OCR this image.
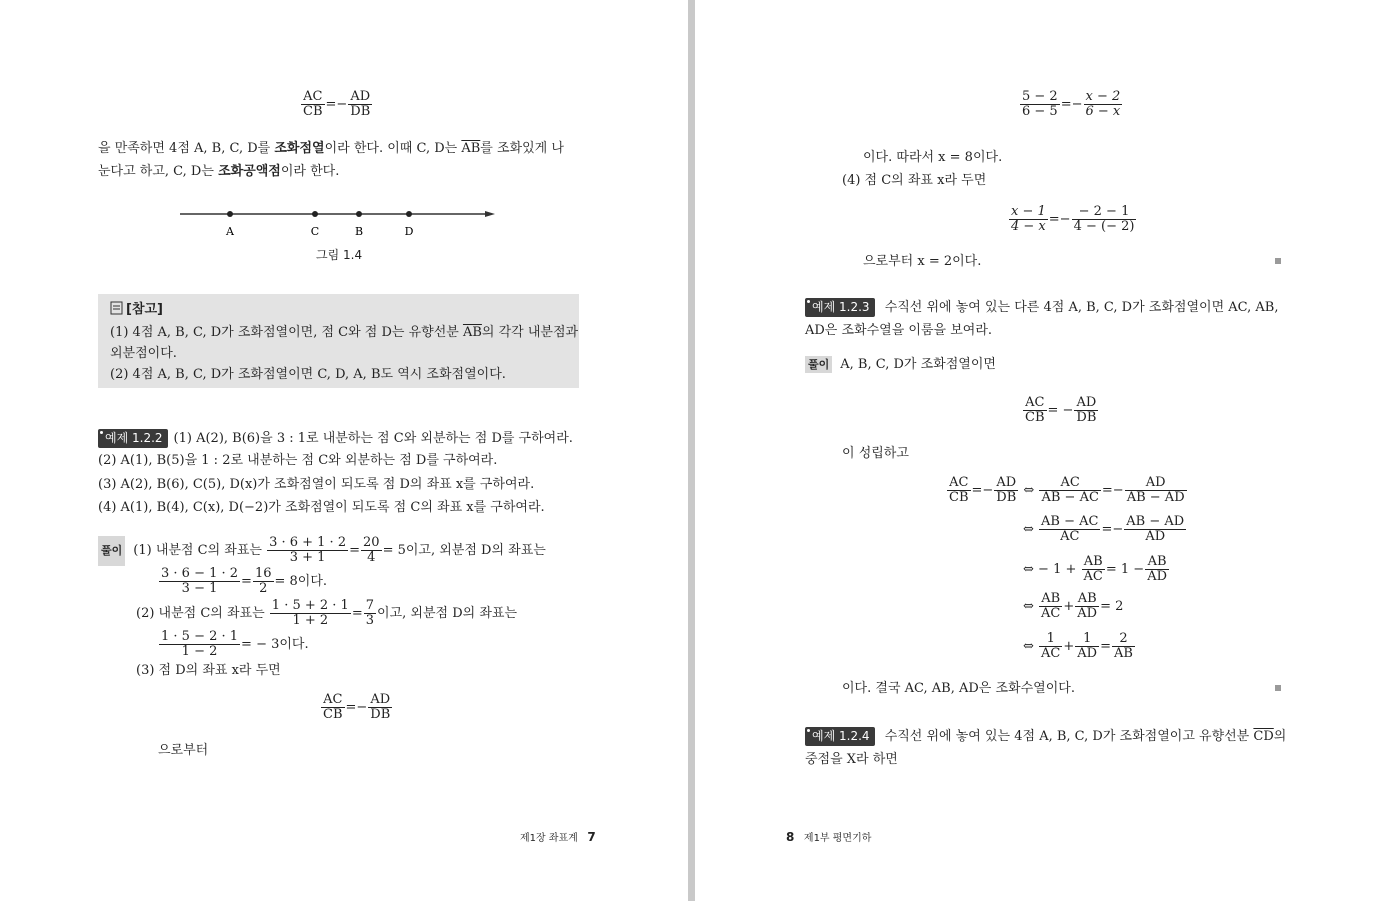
$\frac{AC}{CB} =- \frac{AD}{DB}$
을 만족하면 4점 A, B, C, D를 조화점열이라 한다. 이때 C, D는 $\overline{AB}$를 조화있게 나
눈다고 하고, C, D는 조화공액점이라 한다.
A	C	B	D
그림 1.4
[참고]
(1) 4점 A, B, C, D가 조화점열이면, 점 C와 점 D는 유향선분 $\overline{AB}$의 각각 내분점과
외분점이다.
(2) 4점 A, B, C, D가 조화점열이면 C, D, A, B도 역시 조화점열이다.
예제 1.2.2 (1) A(2), B(6)을 3 : 1로 내분하는 점 C와 외분하는 점 D를 구하여라.
(2) A(1), B(5)을 1 : 2로 내분하는 점 C와 외분하는 점 D를 구하여라.
(3) A(2), B(6), C(5), D(x)가 조화점열이 되도록 점 D의 좌표 x를 구하여라.
(4) A(1), B(4), C(x), D(−2)가 조화점열이 되도록 점 C의 좌표 x를 구하여라.
풀이 (1) 내분점 C의 좌표는 $\frac{3 \cdot 6 + 1 \cdot 2}{3 + 1} = \frac{20}{4} = 5$이고, 외분점 D의 좌표는
$\frac{3 \cdot 6 - 1 \cdot 2}{3 - 1} = \frac{16}{2} = 8$이다.
(2) 내분점 C의 좌표는 $\frac{1 \cdot 5 + 2 \cdot 1}{1 + 2} = \frac{7}{3}$ 이고, 외분점 D의 좌표는
$\frac{1 \cdot 5 - 2 \cdot 1}{1 - 2}$ = − 3이다.
(3) 점 D의 좌표 x라 두면
$\frac{AC}{CB} =- \frac{AD}{DB}$
으로부터
제1장 좌표계 7
$\frac{5 - 2}{6 - 5} =- \frac{x - 2}{6 - x}$
이다. 따라서 x = 8이다.
(4) 점 C의 좌표 x라 두면
$\frac{x - 1}{4 - x} =- \frac{- 2 - 1}{4 - (- 2)}$
으로부터 x = 2이다.
예제 1.2.3 수직선 위에 놓여 있는 다른 4점 A, B, C, D가 조화점열이면 AC, AB,
AD은 조화수열을 이룸을 보여라.
풀이 A, B, C, D가 조화점열이면
$\frac{AC}{CB}$ = − $\frac{AD}{DB}$
이 성립하고
$\frac{AC}{CB} =- \frac{AD}{DB}$ ⇔ $\frac{AC}{AB - AC} =- \frac{AD}{AB - AD}$
⇔ $\frac{AB - AC}{AC} =- \frac{AB - AD}{AD}$
⇔ − $1 + \frac{AB}{AC} = 1 - \frac{AB}{AD}$
⇔ $\frac{AB}{AC} + \frac{AB}{AD} = 2$
⇔ $\frac{1}{AC} + \frac{1}{AD} = \frac{2}{AB}$
이다. 결국 AC, AB, AD은 조화수열이다.
예제 1.2.4 수직선 위에 놓여 있는 4점 A, B, C, D가 조화점열이고 유향선분 $\overline{CD}$의
중점을 X라 하면
8 제1부 평면기하
